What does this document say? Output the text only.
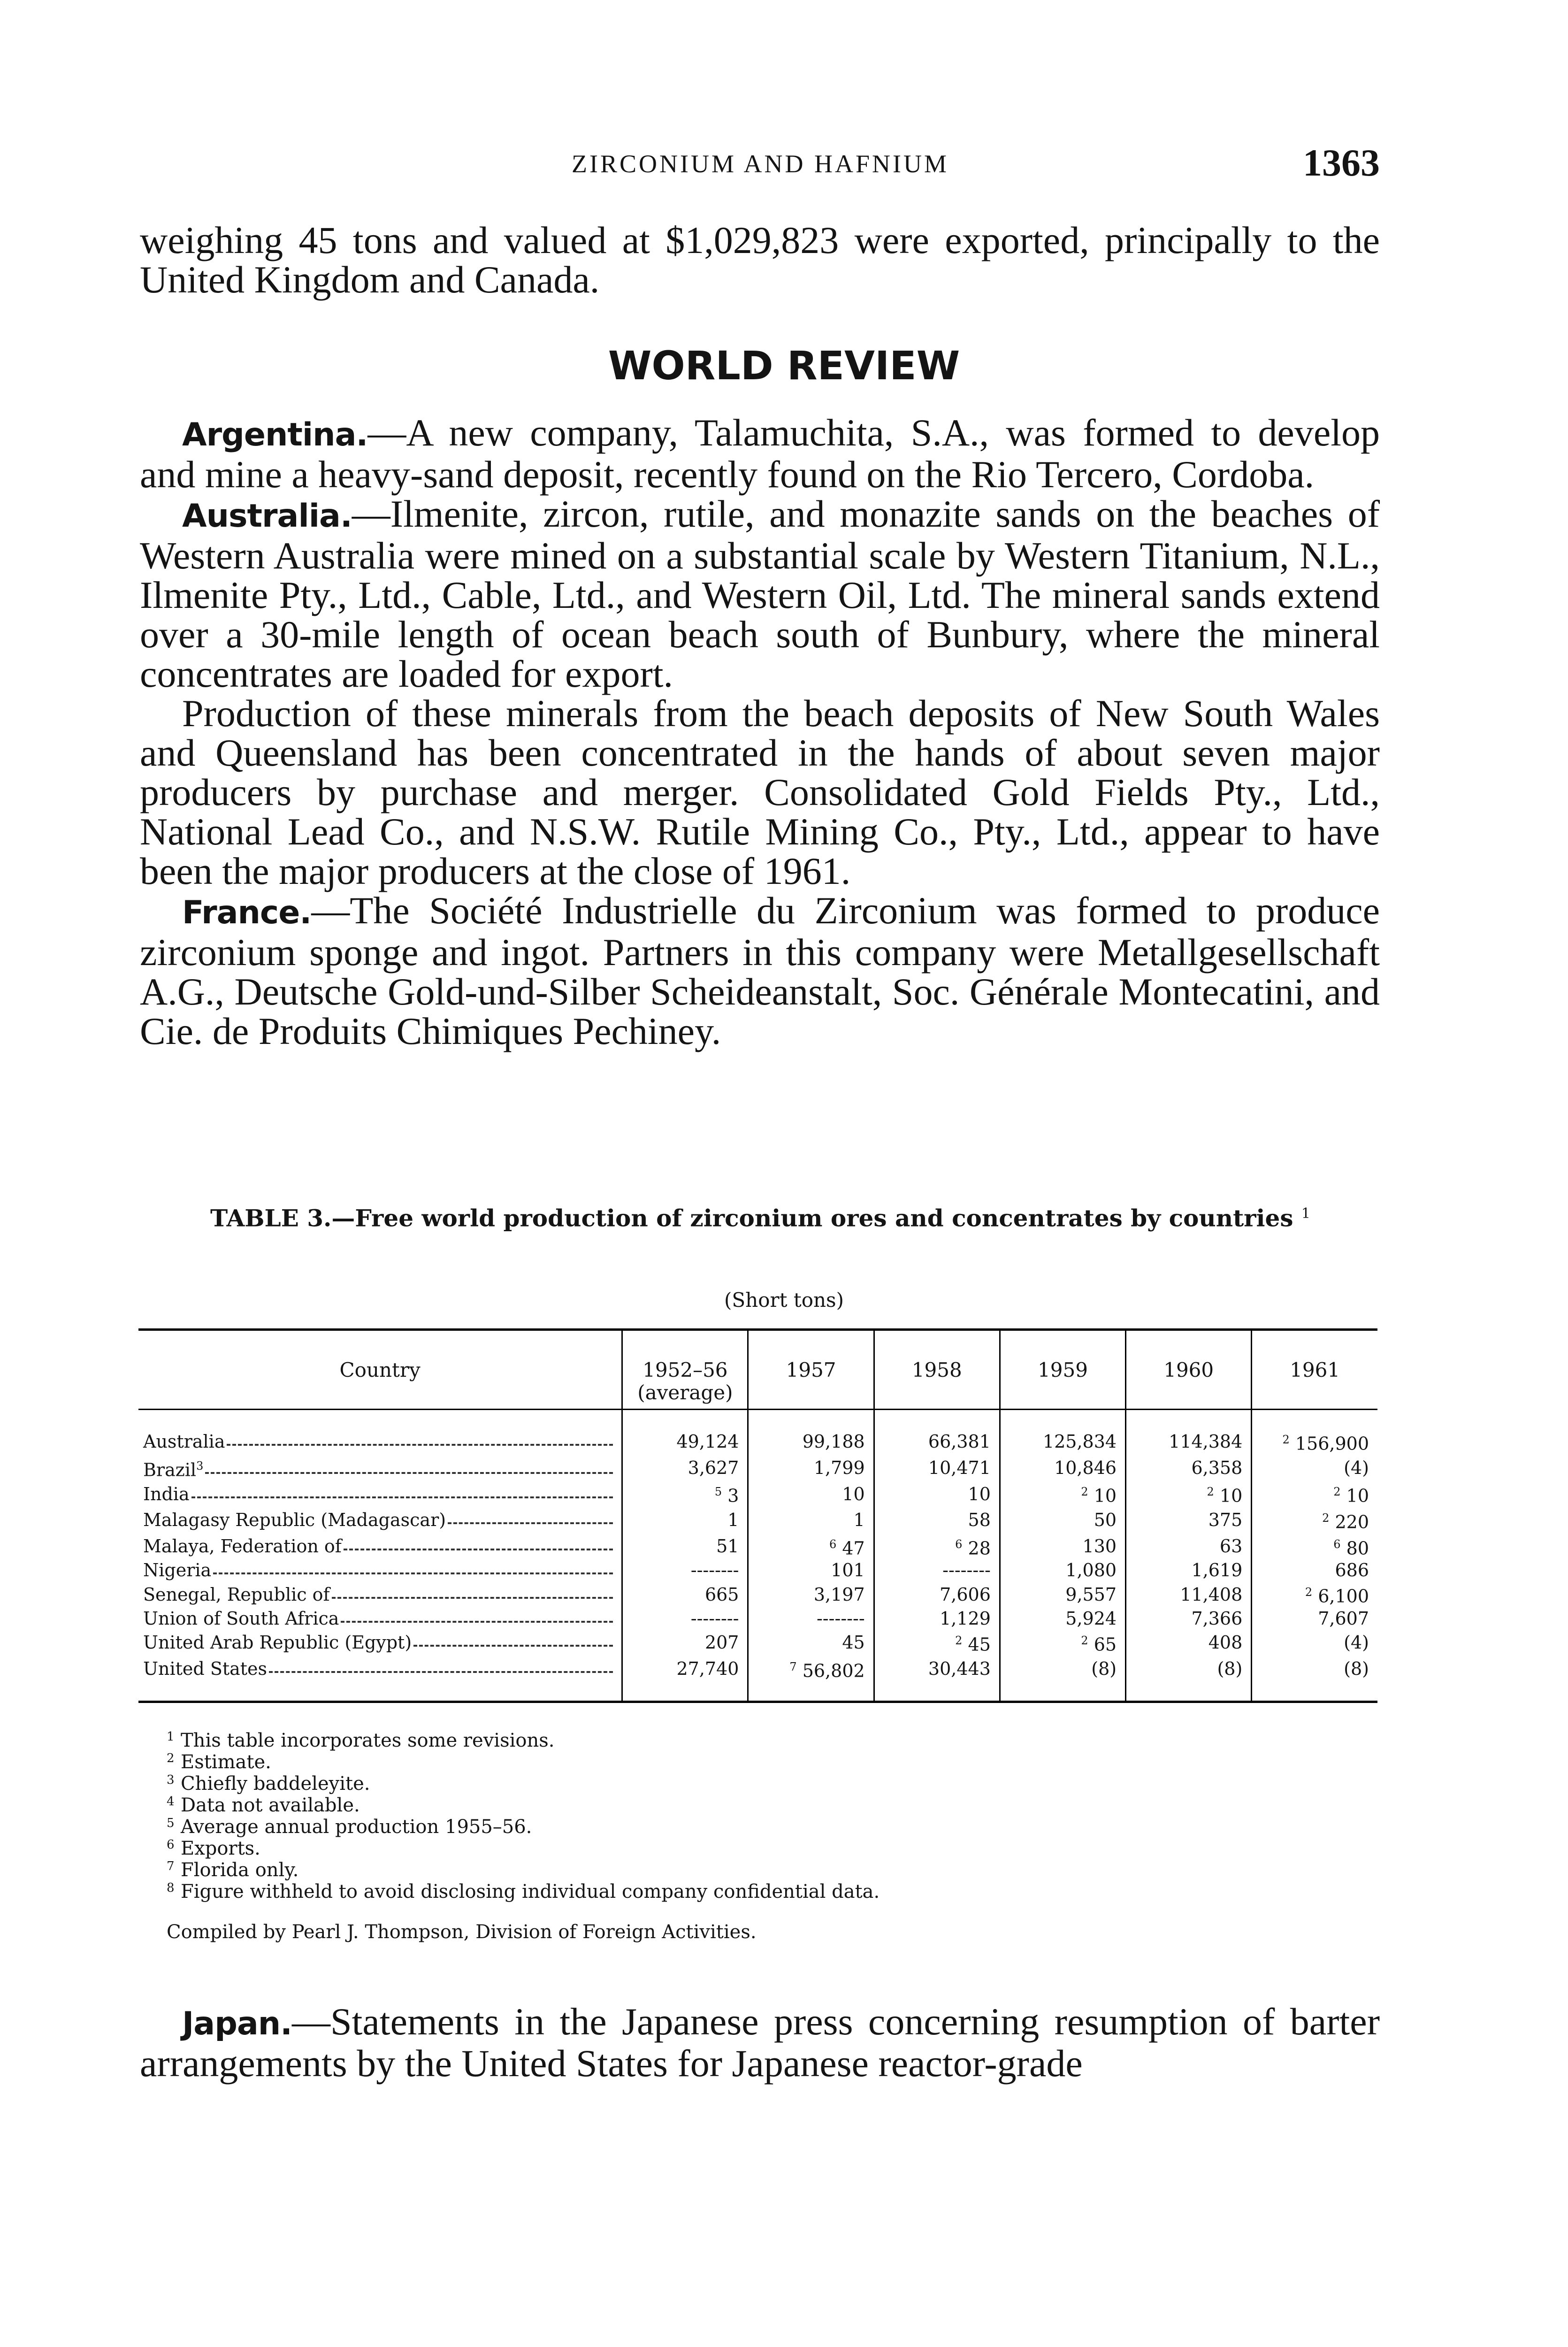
ZIRCONIUM AND HAFNIUM	1363

weighing 45 tons and valued at $1,029,823 were exported, principally to the United Kingdom and Canada.

WORLD REVIEW

Argentina.—A new company, Talamuchita, S.A., was formed to develop and mine a heavy-sand deposit, recently found on the Rio Tercero, Cordoba.

Australia.—Ilmenite, zircon, rutile, and monazite sands on the beaches of Western Australia were mined on a substantial scale by Western Titanium, N.L., Ilmenite Pty., Ltd., Cable, Ltd., and Western Oil, Ltd. The mineral sands extend over a 30-mile length of ocean beach south of Bunbury, where the mineral concentrates are loaded for export.

Production of these minerals from the beach deposits of New South Wales and Queensland has been concentrated in the hands of about seven major producers by purchase and merger. Consolidated Gold Fields Pty., Ltd., National Lead Co., and N.S.W. Rutile Mining Co., Pty., Ltd., appear to have been the major producers at the close of 1961.

France.—The Société Industrielle du Zirconium was formed to produce zirconium sponge and ingot. Partners in this company were Metallgesellschaft A.G., Deutsche Gold-und-Silber Scheideanstalt, Soc. Générale Montecatini, and Cie. de Produits Chimiques Pechiney.

TABLE 3.—Free world production of zirconium ores and concentrates by countries $^1$
(Short tons)
Country	1952–56 (average)	1957	1958	1959	1960	1961

Australia	49,124	99,188	66,381	125,834	114,384	$^2$ 156,900

Brazil$^3$	3,627	1,799	10,471	10,846	6,358	(4)

India	$^5$ 3	10	10	$^2$ 10	$^2$ 10	$^2$ 10

Malagasy Republic (Madagascar)	1	1	58	50	375	$^2$ 220

Malaya, Federation of	51	$^6$ 47	$^6$ 28	130	63	$^6$ 80

Nigeria	--------	101	--------	1,080	1,619	686

Senegal, Republic of	665	3,197	7,606	9,557	11,408	$^2$ 6,100

Union of South Africa	--------	--------	1,129	5,924	7,366	7,607

United Arab Republic (Egypt)	207	45	$^2$ 45	$^2$ 65	408	(4)

United States	27,740	$^7$ 56,802	30,443	(8)	(8)	(8)
1 This table incorporates some revisions.
2 Estimate.
3 Chiefly baddeleyite.
4 Data not available.
5 Average annual production 1955–56.
6 Exports.
7 Florida only.
8 Figure withheld to avoid disclosing individual company confidential data.
Compiled by Pearl J. Thompson, Division of Foreign Activities.

Japan.—Statements in the Japanese press concerning resumption of barter arrangements by the United States for Japanese reactor-grade
